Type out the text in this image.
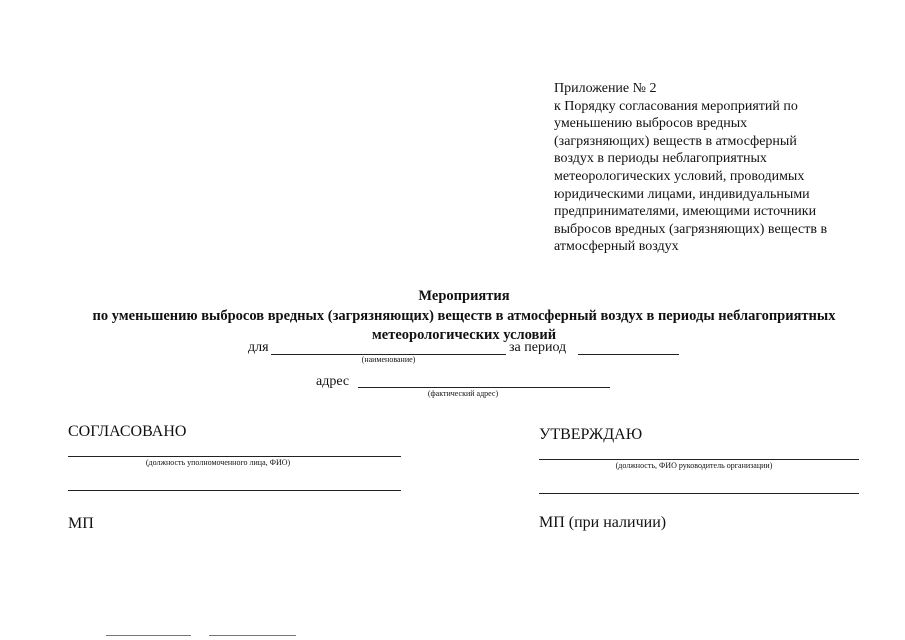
Приложение № 2
к Порядку согласования мероприятий по
уменьшению выбросов вредных
(загрязняющих) веществ в атмосферный
воздух в периоды неблагоприятных
метеорологических условий, проводимых
юридическими лицами, индивидуальными
предпринимателями, имеющими источники
выбросов вредных (загрязняющих) веществ в
атмосферный воздух
Мероприятия
по уменьшению выбросов вредных (загрязняющих) веществ в атмосферный воздух в периоды неблагоприятных
метеорологических условий
для
(наименование)
за период
адрес
(фактический адрес)
СОГЛАСОВАНО
(должность уполномоченного лица, ФИО)
МП
УТВЕРЖДАЮ
(должность, ФИО руководитель организации)
МП (при наличии)
